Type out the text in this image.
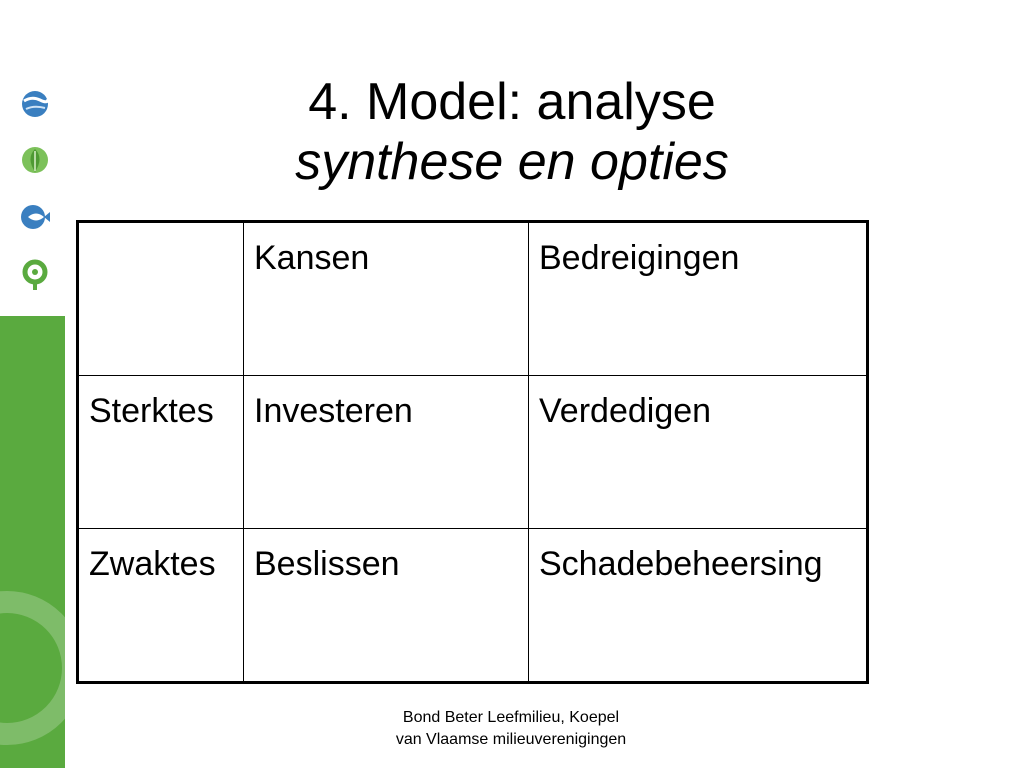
4. Model: analyse
synthese en opties
	Kansen	Bedreigingen
Sterktes	Investeren	Verdedigen
Zwaktes	Beslissen	Schadebeheersing
Bond Beter Leefmilieu, Koepel
van Vlaamse milieuverenigingen
